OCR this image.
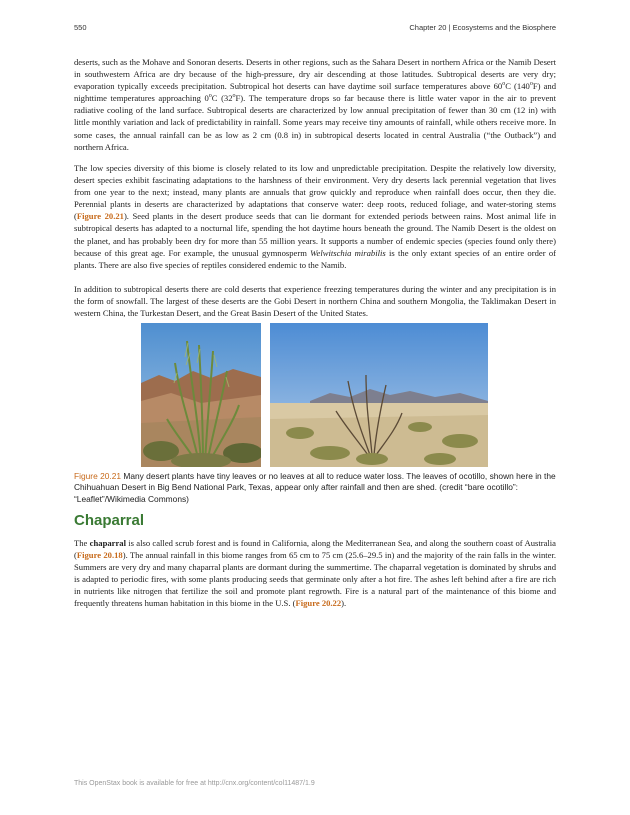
550	Chapter 20 | Ecosystems and the Biosphere

deserts, such as the Mohave and Sonoran deserts. Deserts in other regions, such as the Sahara Desert in northern Africa or the Namib Desert in southwestern Africa are dry because of the high-pressure, dry air descending at those latitudes. Subtropical deserts are very dry; evaporation typically exceeds precipitation. Subtropical hot deserts can have daytime soil surface temperatures above 60$^o$C (140$^o$F) and nighttime temperatures approaching 0$^o$C (32$^o$F). The temperature drops so far because there is little water vapor in the air to prevent radiative cooling of the land surface. Subtropical deserts are characterized by low annual precipitation of fewer than 30 cm (12 in) with little monthly variation and lack of predictability in rainfall. Some years may receive tiny amounts of rainfall, while others receive more. In some cases, the annual rainfall can be as low as 2 cm (0.8 in) in subtropical deserts located in central Australia (“the Outback”) and northern Africa.

The low species diversity of this biome is closely related to its low and unpredictable precipitation. Despite the relatively low diversity, desert species exhibit fascinating adaptations to the harshness of their environment. Very dry deserts lack perennial vegetation that lives from one year to the next; instead, many plants are annuals that grow quickly and reproduce when rainfall does occur, then they die. Perennial plants in deserts are characterized by adaptations that conserve water: deep roots, reduced foliage, and water-storing stems (Figure 20.21). Seed plants in the desert produce seeds that can lie dormant for extended periods between rains. Most animal life in subtropical deserts has adapted to a nocturnal life, spending the hot daytime hours beneath the ground. The Namib Desert is the oldest on the planet, and has probably been dry for more than 55 million years. It supports a number of endemic species (species found only there) because of this great age. For example, the unusual gymnosperm Welwitschia mirabilis is the only extant species of an entire order of plants. There are also five species of reptiles considered endemic to the Namib.

In addition to subtropical deserts there are cold deserts that experience freezing temperatures during the winter and any precipitation is in the form of snowfall. The largest of these deserts are the Gobi Desert in northern China and southern Mongolia, the Taklimakan Desert in western China, the Turkestan Desert, and the Great Basin Desert of the United States.

Figure 20.21 Many desert plants have tiny leaves or no leaves at all to reduce water loss. The leaves of ocotillo, shown here in the Chihuahuan Desert in Big Bend National Park, Texas, appear only after rainfall and then are shed. (credit “bare ocotillo”: “Leaflet”/Wikimedia Commons)

Chaparral

The chaparral is also called scrub forest and is found in California, along the Mediterranean Sea, and along the southern coast of Australia (Figure 20.18). The annual rainfall in this biome ranges from 65 cm to 75 cm (25.6–29.5 in) and the majority of the rain falls in the winter. Summers are very dry and many chaparral plants are dormant during the summertime. The chaparral vegetation is dominated by shrubs and is adapted to periodic fires, with some plants producing seeds that germinate only after a hot fire. The ashes left behind after a fire are rich in nutrients like nitrogen that fertilize the soil and promote plant regrowth. Fire is a natural part of the maintenance of this biome and frequently threatens human habitation in this biome in the U.S. (Figure 20.22).

This OpenStax book is available for free at http://cnx.org/content/col11487/1.9
